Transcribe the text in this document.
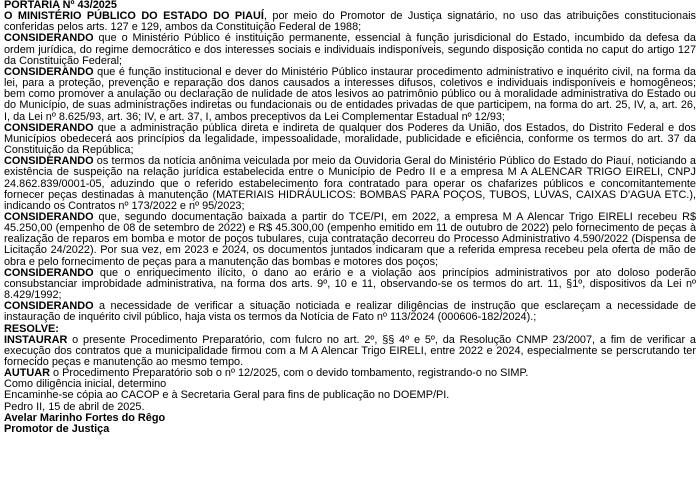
PORTARIA Nº 43/2025

O MINISTÉRIO PÚBLICO DO ESTADO DO PIAUÍ, por meio do Promotor de Justiça signatário, no uso das atribuições constitucionais conferidas pelos arts. 127 e 129, ambos da Constituição Federal de 1988;

CONSIDERANDO que o Ministério Público é instituição permanente, essencial à função jurisdicional do Estado, incumbido da defesa da ordem jurídica, do regime democrático e dos interesses sociais e individuais indisponíveis, segundo disposição contida no caput do artigo 127 da Constituição Federal;

CONSIDERANDO que é função institucional e dever do Ministério Público instaurar procedimento administrativo e inquérito civil, na forma da lei, para a proteção, prevenção e reparação dos danos causados a interesses difusos, coletivos e individuais indisponíveis e homogêneos; bem como promover a anulação ou declaração de nulidade de atos lesivos ao patrimônio público ou à moralidade administrativa do Estado ou do Município, de suas administrações indiretas ou fundacionais ou de entidades privadas de que participem, na forma do art. 25, IV, a, art. 26, I, da Lei nº 8.625/93, art. 36; IV, e art. 37, I, ambos preceptivos da Lei Complementar Estadual nº 12/93;

CONSIDERANDO que a administração pública direta e indireta de qualquer dos Poderes da União, dos Estados, do Distrito Federal e dos Municípios obedecerá aos princípios da legalidade, impessoalidade, moralidade, publicidade e eficiência, conforme os termos do art. 37 da Constituição da República;

CONSIDERANDO os termos da notícia anônima veiculada por meio da Ouvidoria Geral do Ministério Público do Estado do Piauí, noticiando a existência de suspeição na relação jurídica estabelecida entre o Município de Pedro II e a empresa M A ALENCAR TRIGO EIRELI, CNPJ 24.862.839/0001-05, aduzindo que o referido estabelecimento fora contratado para operar os chafarizes públicos e concomitantemente fornecer peças destinadas à manutenção (MATERIAIS HIDRÁULICOS: BOMBAS PARA POÇOS, TUBOS, LUVAS, CAIXAS D'AGUA ETC.), indicando os Contratos nº 173/2022 e nº 95/2023;

CONSIDERANDO que, segundo documentação baixada a partir do TCE/PI, em 2022, a empresa M A Alencar Trigo EIRELI recebeu R$ 45.250,00 (empenho de 08 de setembro de 2022) e R$ 45.300,00 (empenho emitido em 11 de outubro de 2022) pelo fornecimento de peças à realização de reparos em bomba e motor de poços tubulares, cuja contratação decorreu do Processo Administrativo 4.590/2022 (Dispensa de Licitação 24/2022). Por sua vez, em 2023 e 2024, os documentos juntados indicaram que a referida empresa recebeu pela oferta de mão de obra e pelo fornecimento de peças para a manutenção das bombas e motores dos poços;

CONSIDERANDO que o enriquecimento ilícito, o dano ao erário e a violação aos princípios administrativos por ato doloso poderão consubstanciar improbidade administrativa, na forma dos arts. 9º, 10 e 11, observando-se os termos do art. 11, §1º, dispositivos da Lei nº 8.429/1992;

CONSIDERANDO a necessidade de verificar a situação noticiada e realizar diligências de instrução que esclareçam a necessidade de instauração de inquérito civil público, haja vista os termos da Notícia de Fato nº 113/2024 (000606-182/2024).;

RESOLVE:

INSTAURAR o presente Procedimento Preparatório, com fulcro no art. 2º, §§ 4º e 5º, da Resolução CNMP 23/2007, a fim de verificar a execução dos contratos que a municipalidade firmou com a M A Alencar Trigo EIRELI, entre 2022 e 2024, especialmente se perscrutando ter fornecido peças e manutenção ao mesmo tempo.

AUTUAR o Procedimento Preparatório sob o nº 12/2025, com o devido tombamento, registrando-o no SIMP.

Como diligência inicial, determino

Encaminhe-se cópia ao CACOP e à Secretaria Geral para fins de publicação no DOEMP/PI.

Pedro II, 15 de abril de 2025.

Avelar Marinho Fortes do Rêgo

Promotor de Justiça
